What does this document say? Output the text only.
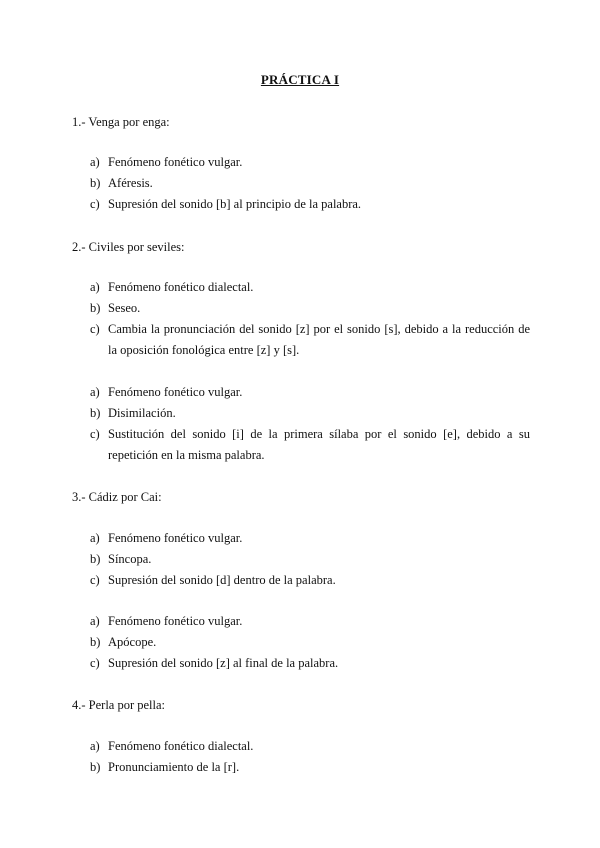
PRÁCTICA I
1.- Venga por enga:
a) Fenómeno fonético vulgar.
b) Aféresis.
c) Supresión del sonido [b] al principio de la palabra.
2.- Civiles por seviles:
a) Fenómeno fonético dialectal.
b) Seseo.
c) Cambia la pronunciación del sonido [z] por el sonido [s], debido a la reducción de la oposición fonológica entre [z] y [s].
a) Fenómeno fonético vulgar.
b) Disimilación.
c) Sustitución del sonido [i] de la primera sílaba por el sonido [e], debido a su repetición en la misma palabra.
3.- Cádiz por Cai:
a) Fenómeno fonético vulgar.
b) Síncopa.
c) Supresión del sonido [d] dentro de la palabra.
a) Fenómeno fonético vulgar.
b) Apócope.
c) Supresión del sonido [z] al final de la palabra.
4.- Perla por pella:
a) Fenómeno fonético dialectal.
b) Pronunciamiento de la [r].
